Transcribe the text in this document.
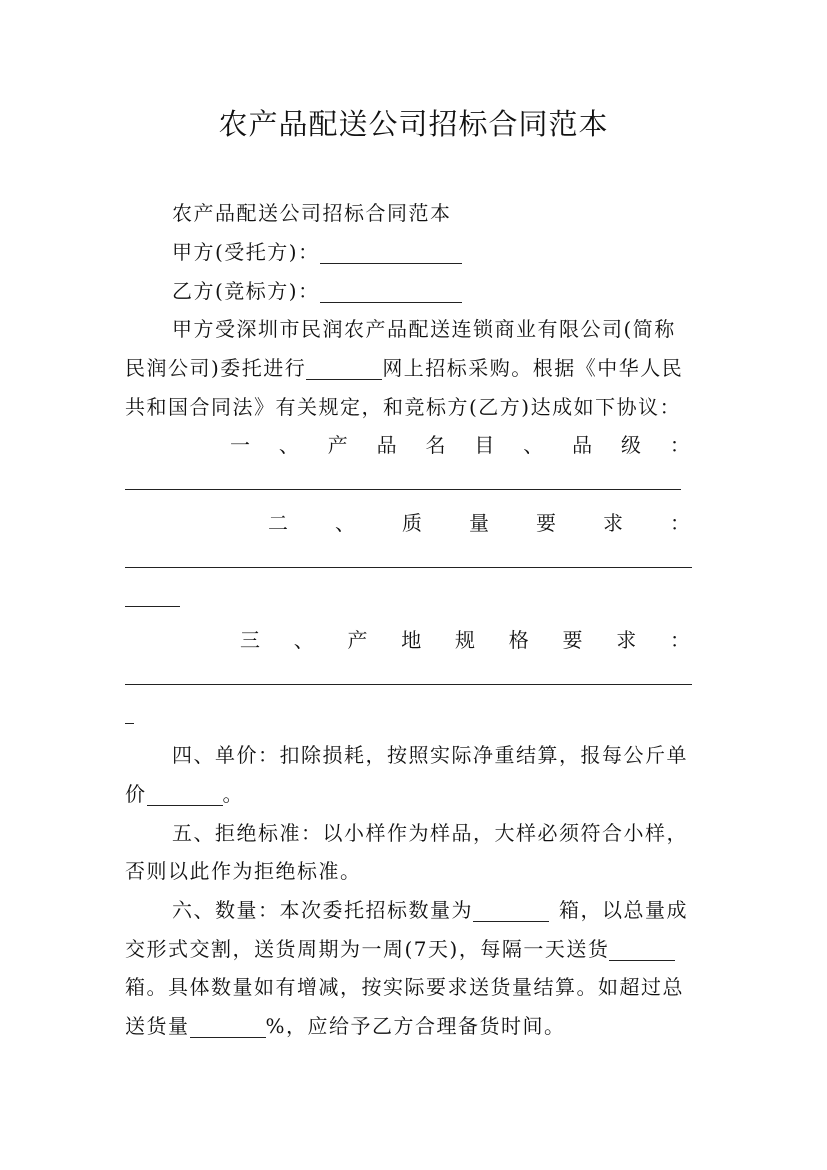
农产品配送公司招标合同范本
农产品配送公司招标合同范本
甲方(受托方)：
乙方(竞标方)：
甲方受深圳市民润农产品配送连锁商业有限公司(简称
民润公司)委托进行	网上招标采购。根据《中华人民
共和国合同法》有关规定，和竞标方(乙方)达成如下协议：
一 、 产 品 名 目 、 品 级 ：
二 、 质 量 要 求 ：
三 、 产 地 规 格 要 求 ：
四、单价：扣除损耗，按照实际净重结算，报每公斤单
价	。
五、拒绝标准：以小样作为样品，大样必须符合小样，
否则以此作为拒绝标准。
六、数量：本次委托招标数量为	箱，以总量成
交形式交割，送货周期为一周(7天)，每隔一天送货
箱。具体数量如有增减，按实际要求送货量结算。如超过总
送货量	%，应给予乙方合理备货时间。
